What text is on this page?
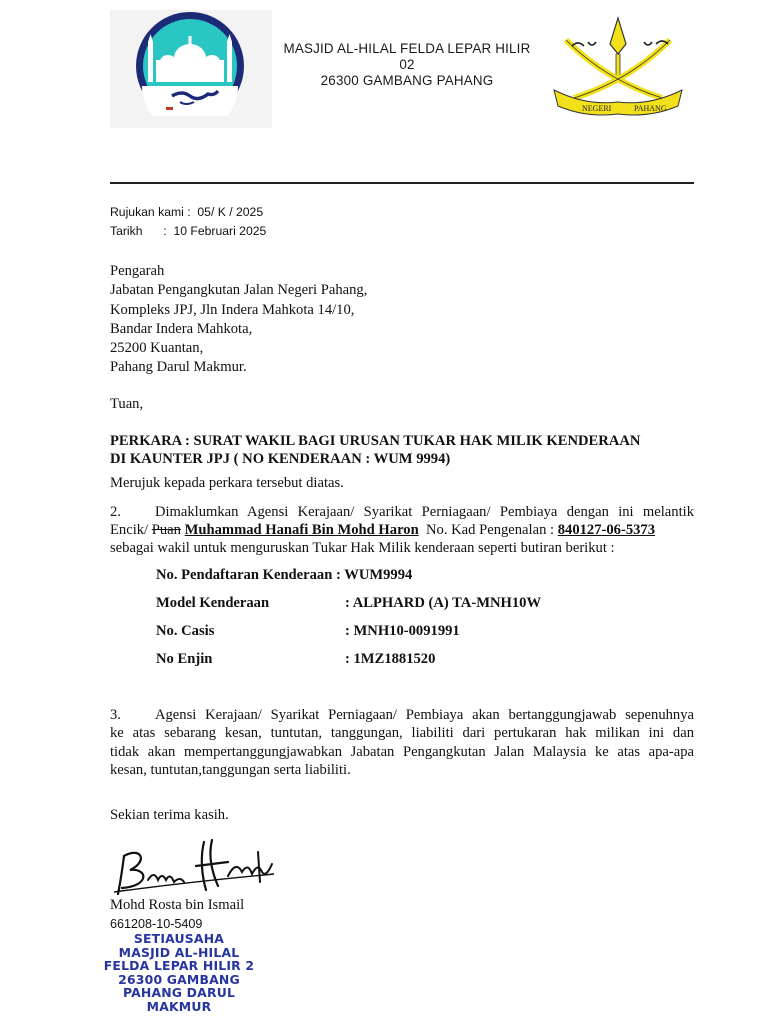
MASJID AL-HILAL FELDA LEPAR HILIR 02
26300 GAMBANG PAHANG
NEGERI	PAHANG
Rujukan kami : 05/ K / 2025
Tarikh : 10 Februari 2025
Pengarah
Jabatan Pengangkutan Jalan Negeri Pahang,
Kompleks JPJ, Jln Indera Mahkota 14/10,
Bandar Indera Mahkota,
25200 Kuantan,
Pahang Darul Makmur.
Tuan,
PERKARA : SURAT WAKIL BAGI URUSAN TUKAR HAK MILIK KENDERAAN
DI KAUNTER JPJ ( NO KENDERAAN : WUM 9994)
Merujuk kepada perkara tersebut diatas.
2. Dimaklumkan Agensi Kerajaan/ Syarikat Perniagaan/ Pembiaya dengan ini melantik
Encik/ Puan Muhammad Hanafi Bin Mohd Haron No. Kad Pengenalan : 840127-06-5373
sebagai wakil untuk menguruskan Tukar Hak Milik kenderaan seperti butiran berikut :
No. Pendaftaran Kenderaan : WUM9994
Model Kenderaan	: ALPHARD (A) TA-MNH10W
No. Casis	: MNH10-0091991
No Enjin	: 1MZ1881520
3. Agensi Kerajaan/ Syarikat Perniagaan/ Pembiaya akan bertanggungjawab sepenuhnya
ke atas sebarang kesan, tuntutan, tanggungan, liabiliti dari pertukaran hak milikan ini dan
tidak akan mempertanggungjawabkan Jabatan Pengangkutan Jalan Malaysia ke atas apa-apa
kesan, tuntutan,tanggungan serta liabiliti.
Sekian terima kasih.
Mohd Rosta bin Ismail
661208-10-5409
SETIAUSAHA
MASJID AL-HILAL
FELDA LEPAR HILIR 2
26300 GAMBANG
PAHANG DARUL MAKMUR
